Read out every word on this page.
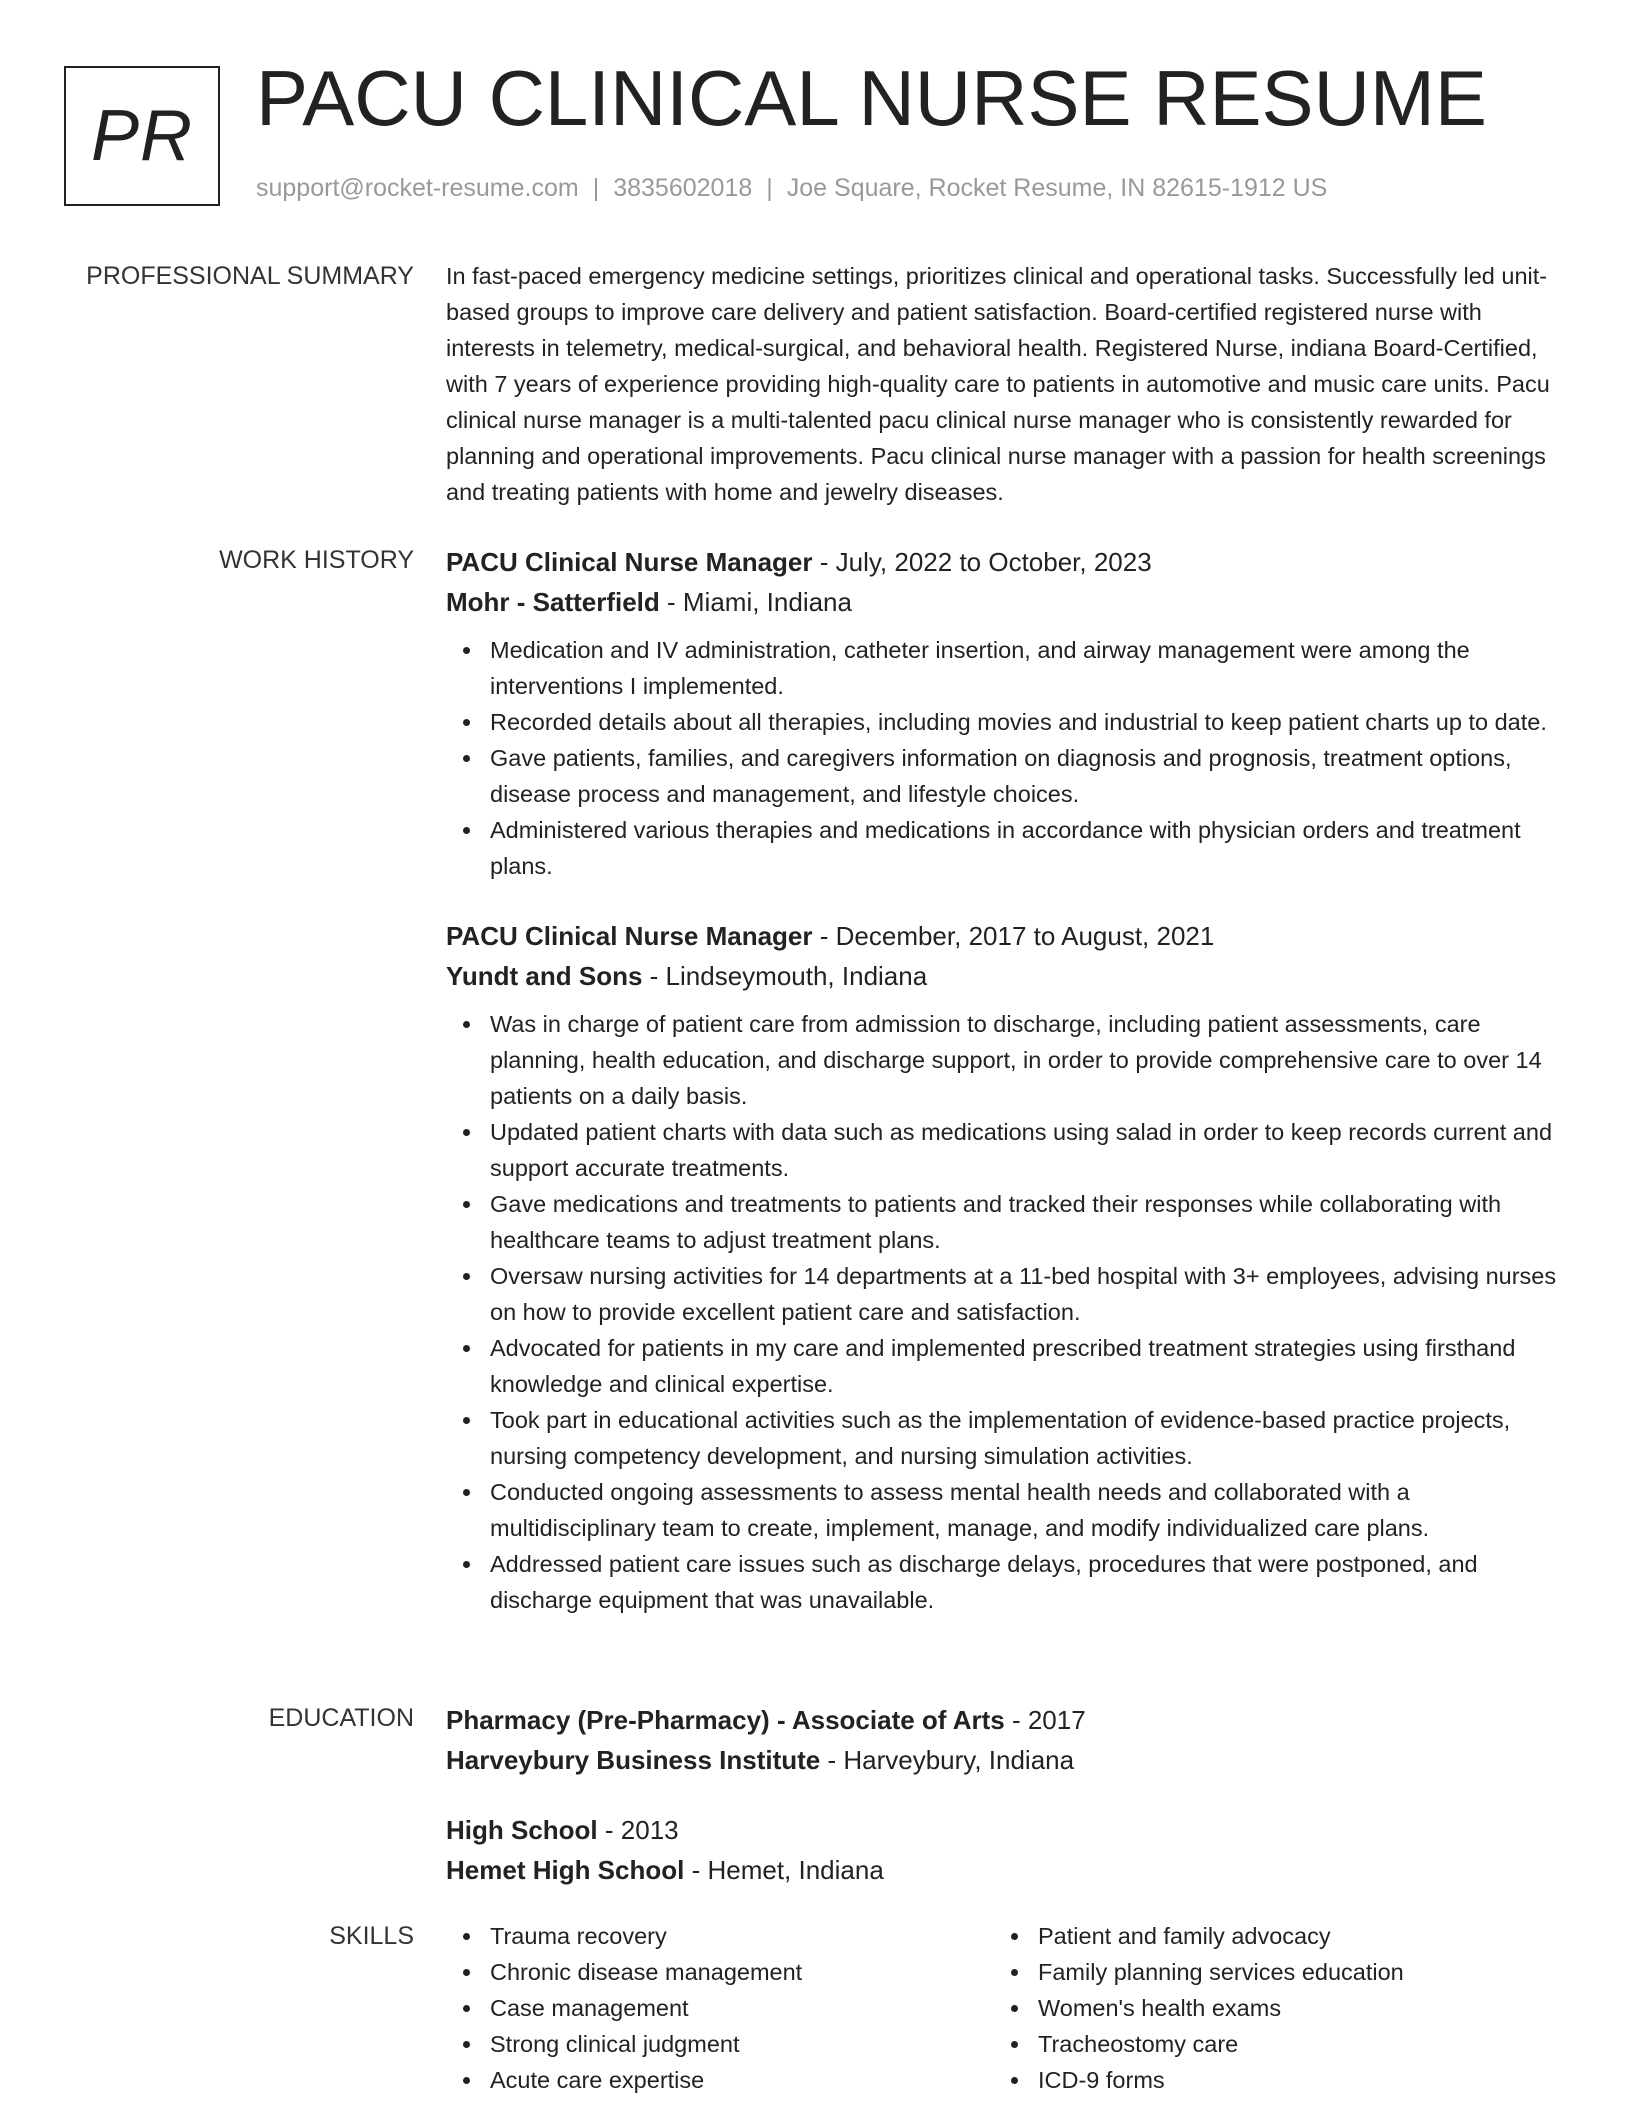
PR PACU CLINICAL NURSE RESUME
support@rocket-resume.com | 3835602018 | Joe Square, Rocket Resume, IN 82615-1912 US
PROFESSIONAL SUMMARY In fast-paced emergency medicine settings, prioritizes clinical and operational tasks. Successfully led unit-based groups to improve care delivery and patient satisfaction. Board-certified registered nurse with interests in telemetry, medical-surgical, and behavioral health. Registered Nurse, indiana Board-Certified, with 7 years of experience providing high-quality care to patients in automotive and music care units. Pacu clinical nurse manager is a multi-talented pacu clinical nurse manager who is consistently rewarded for planning and operational improvements. Pacu clinical nurse manager with a passion for health screenings and treating patients with home and jewelry diseases.

WORK HISTORY PACU Clinical Nurse Manager - July, 2022 to October, 2023

Mohr - Satterfield - Miami, Indiana

Medication and IV administration, catheter insertion, and airway management were among the interventions I implemented.
Recorded details about all therapies, including movies and industrial to keep patient charts up to date.
Gave patients, families, and caregivers information on diagnosis and prognosis, treatment options, disease process and management, and lifestyle choices.
Administered various therapies and medications in accordance with physician orders and treatment plans.

PACU Clinical Nurse Manager - December, 2017 to August, 2021

Yundt and Sons - Lindseymouth, Indiana

Was in charge of patient care from admission to discharge, including patient assessments, care planning, health education, and discharge support, in order to provide comprehensive care to over 14 patients on a daily basis.
Updated patient charts with data such as medications using salad in order to keep records current and support accurate treatments.
Gave medications and treatments to patients and tracked their responses while collaborating with healthcare teams to adjust treatment plans.
Oversaw nursing activities for 14 departments at a 11-bed hospital with 3+ employees, advising nurses on how to provide excellent patient care and satisfaction.
Advocated for patients in my care and implemented prescribed treatment strategies using firsthand knowledge and clinical expertise.
Took part in educational activities such as the implementation of evidence-based practice projects, nursing competency development, and nursing simulation activities.
Conducted ongoing assessments to assess mental health needs and collaborated with a multidisciplinary team to create, implement, manage, and modify individualized care plans.
Addressed patient care issues such as discharge delays, procedures that were postponed, and discharge equipment that was unavailable.
EDUCATION Pharmacy (Pre-Pharmacy) - Associate of Arts - 2017

Harveybury Business Institute - Harveybury, Indiana

High School - 2013

Hemet High School - Hemet, Indiana

SKILLS	Trauma recovery
Chronic disease management
Case management
Strong clinical judgment
Acute care expertise
Patient and family advocacy
Family planning services education
Women's health exams
Tracheostomy care
ICD-9 forms
